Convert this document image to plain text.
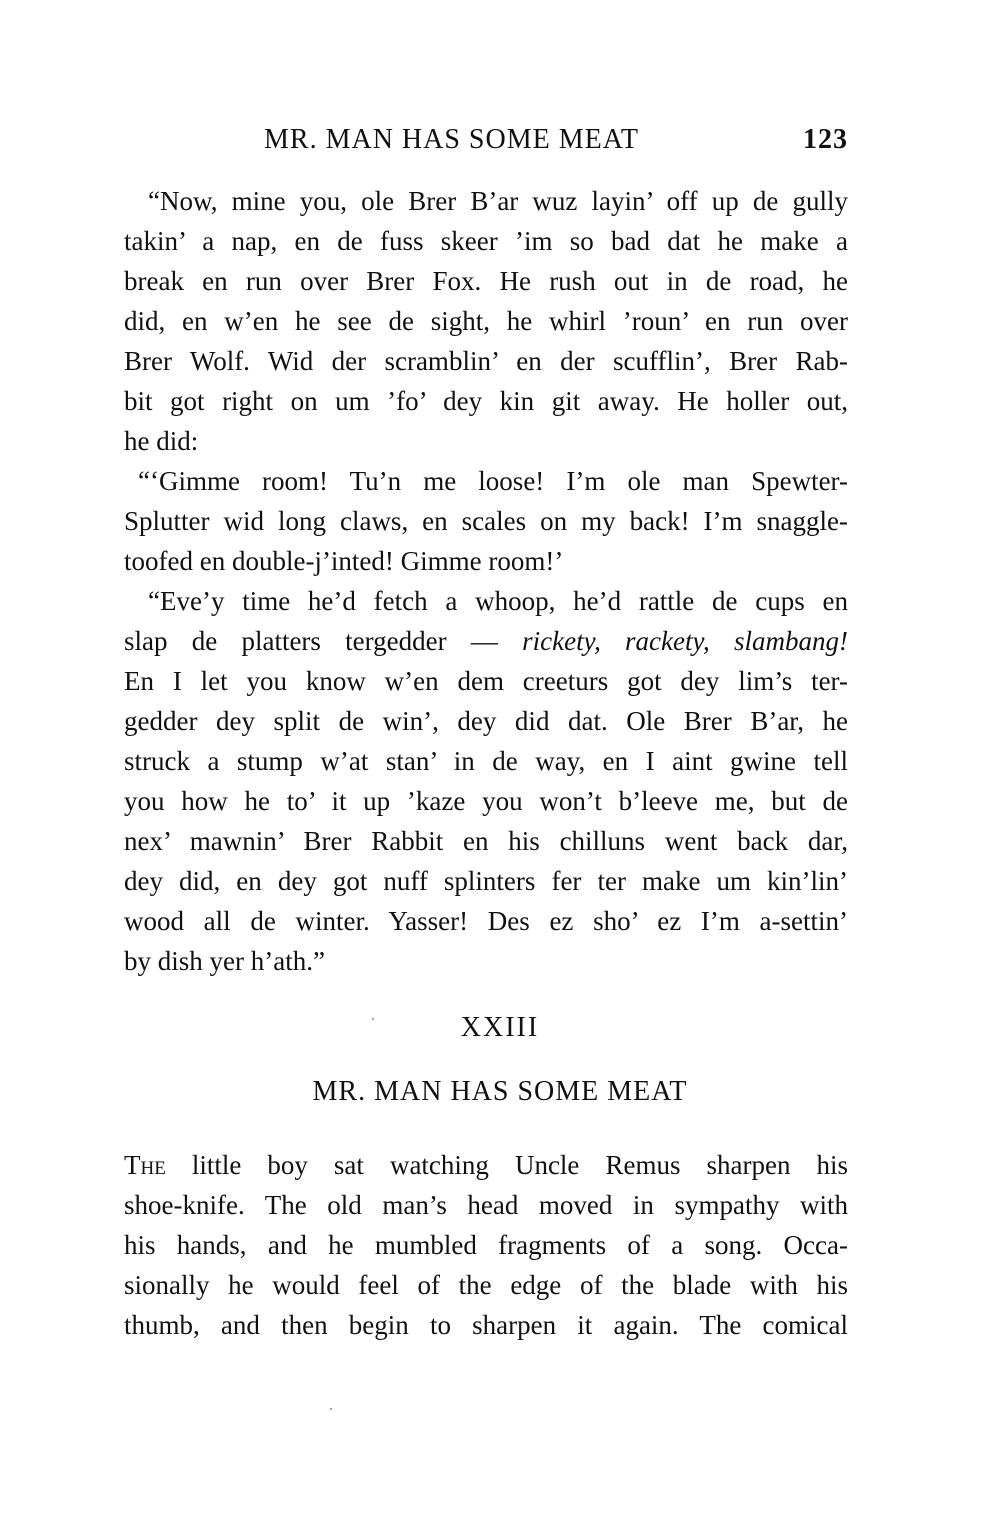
MR. MAN HAS SOME MEAT	123
“Now, mine you, ole Brer B’ar wuz layin’ off up de gully
takin’ a nap, en de fuss skeer ’im so bad dat he make a
break en run over Brer Fox. He rush out in de road, he
did, en w’en he see de sight, he whirl ’roun’ en run over
Brer Wolf. Wid der scramblin’ en der scufflin’, Brer Rab-
bit got right on um ’fo’ dey kin git away. He holler out,
he did:
“‘Gimme room! Tu’n me loose! I’m ole man Spewter-
Splutter wid long claws, en scales on my back! I’m snaggle-
toofed en double-j’inted! Gimme room!’
“Eve’y time he’d fetch a whoop, he’d rattle de cups en
slap de platters tergedder — rickety, rackety, slambang!
En I let you know w’en dem creeturs got dey lim’s ter-
gedder dey split de win’, dey did dat. Ole Brer B’ar, he
struck a stump w’at stan’ in de way, en I aint gwine tell
you how he to’ it up ’kaze you won’t b’leeve me, but de
nex’ mawnin’ Brer Rabbit en his chilluns went back dar,
dey did, en dey got nuff splinters fer ter make um kin’lin’
wood all de winter. Yasser! Des ez sho’ ez I’m a-settin’
by dish yer h’ath.”
XXIII
MR. MAN HAS SOME MEAT
The little boy sat watching Uncle Remus sharpen his
shoe-knife. The old man’s head moved in sympathy with
his hands, and he mumbled fragments of a song. Occa-
sionally he would feel of the edge of the blade with his
thumb, and then begin to sharpen it again. The comical
